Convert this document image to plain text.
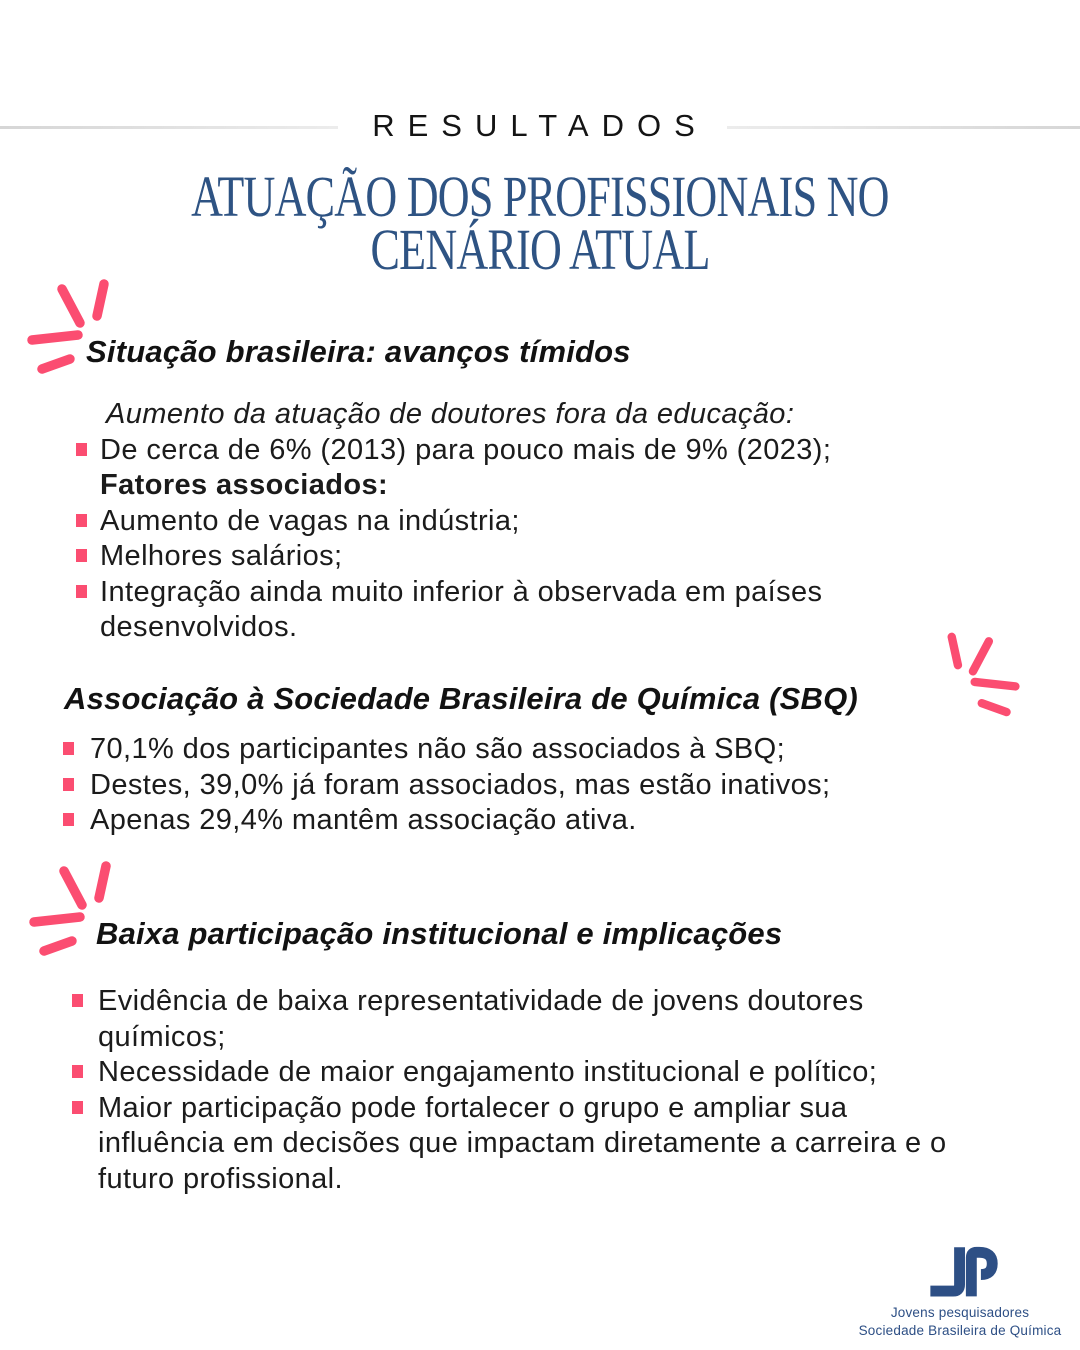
RESULTADOS
ATUAÇÃO DOS PROFISSIONAIS NO
CENÁRIO ATUAL
Situação brasileira: avanços tímidos
Aumento da atuação de doutores fora da educação:
De cerca de 6% (2013) para pouco mais de 9% (2023);
Fatores associados:
Aumento de vagas na indústria;
Melhores salários;
Integração ainda muito inferior à observada em países desenvolvidos.
Associação à Sociedade Brasileira de Química (SBQ)
70,1% dos participantes não são associados à SBQ;
Destes, 39,0% já foram associados, mas estão inativos;
Apenas 29,4% mantêm associação ativa.
Baixa participação institucional e implicações
Evidência de baixa representatividade de jovens doutores químicos;
Necessidade de maior engajamento institucional e político;
Maior participação pode fortalecer o grupo e ampliar sua influência em decisões que impactam diretamente a carreira e o futuro profissional.
Jovens pesquisadores
Sociedade Brasileira de Química
